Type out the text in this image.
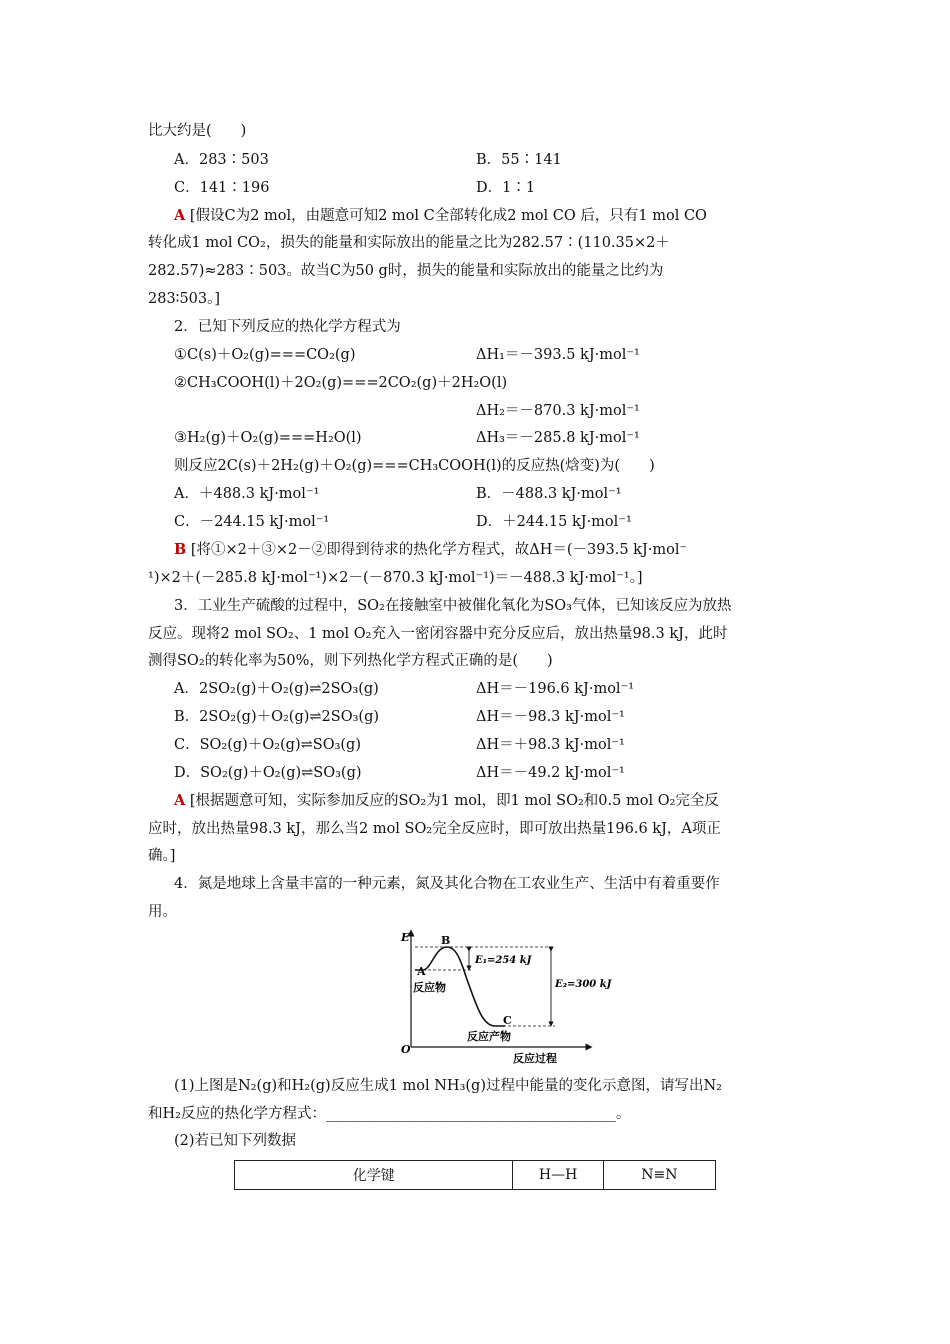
比大约是(　　)
A．283∶503	B．55∶141
C．141∶196	D．1∶1
A [假设C为2 mol，由题意可知2 mol C全部转化成2 mol CO 后，只有1 mol CO
转化成1 mol CO₂，损失的能量和实际放出的能量之比为282.57∶(110.35×2＋
282.57)≈283∶503。故当C为50 g时，损失的能量和实际放出的能量之比约为
283∶503。]
2．已知下列反应的热化学方程式为
①C(s)＋O₂(g)===CO₂(g)	ΔH₁＝－393.5 kJ·mol⁻¹
②CH₃COOH(l)＋2O₂(g)===2CO₂(g)＋2H₂O(l)
ΔH₂＝－870.3 kJ·mol⁻¹
③H₂(g)＋O₂(g)===H₂O(l)	ΔH₃＝－285.8 kJ·mol⁻¹
则反应2C(s)＋2H₂(g)＋O₂(g)===CH₃COOH(l)的反应热(焓变)为(　　)
A．＋488.3 kJ·mol⁻¹	B．－488.3 kJ·mol⁻¹
C．－244.15 kJ·mol⁻¹	D．＋244.15 kJ·mol⁻¹
B [将①×2＋③×2－②即得到待求的热化学方程式，故ΔH＝(－393.5 kJ·mol⁻
¹)×2＋(－285.8 kJ·mol⁻¹)×2－(－870.3 kJ·mol⁻¹)＝－488.3 kJ·mol⁻¹。]
3．工业生产硫酸的过程中，SO₂在接触室中被催化氧化为SO₃气体，已知该反应为放热
反应。现将2 mol SO₂、1 mol O₂充入一密闭容器中充分反应后，放出热量98.3 kJ，此时
测得SO₂的转化率为50%，则下列热化学方程式正确的是(　　)
A．2SO₂(g)＋O₂(g)⇌2SO₃(g)	ΔH＝－196.6 kJ·mol⁻¹
B．2SO₂(g)＋O₂(g)⇌2SO₃(g)	ΔH＝－98.3 kJ·mol⁻¹
C．SO₂(g)＋O₂(g)⇌SO₃(g)	ΔH＝＋98.3 kJ·mol⁻¹
D．SO₂(g)＋O₂(g)⇌SO₃(g)	ΔH＝－49.2 kJ·mol⁻¹
A [根据题意可知，实际参加反应的SO₂为1 mol，即1 mol SO₂和0.5 mol O₂完全反
应时，放出热量98.3 kJ，那么当2 mol SO₂完全反应时，即可放出热量196.6 kJ，A项正
确。]
4．氮是地球上含量丰富的一种元素，氮及其化合物在工农业生产、生活中有着重要作
用。
E
O
反应过程
B
A
反应物
E₁=254 kJ
E₂=300 kJ
C
反应产物
(1)上图是N₂(g)和H₂(g)反应生成1 mol NH₃(g)过程中能量的变化示意图，请写出N₂
和H₂反应的热化学方程式：________________________________________。
(2)若已知下列数据
化学键	H—H	N≡N
